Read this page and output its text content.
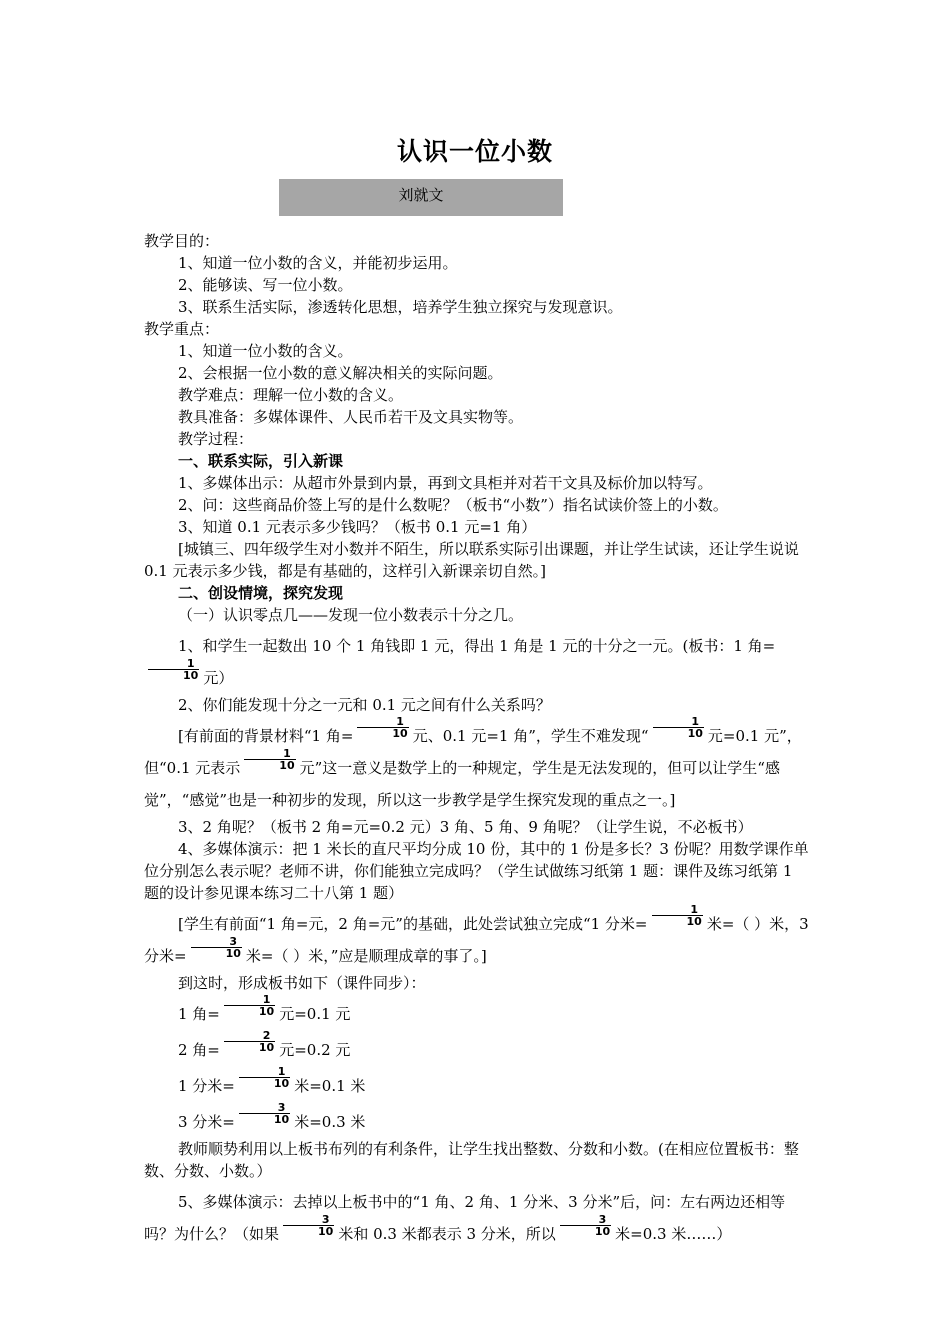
认识一位小数
刘就文

教学目的：

1、知道一位小数的含义，并能初步运用。

2、能够读、写一位小数。

3、联系生活实际，渗透转化思想，培养学生独立探究与发现意识。

教学重点：

1、知道一位小数的含义。

2、会根据一位小数的意义解决相关的实际问题。

教学难点：理解一位小数的含义。

教具准备：多媒体课件、人民币若干及文具实物等。

教学过程：

一、联系实际，引入新课

1、多媒体出示：从超市外景到内景，再到文具柜并对若干文具及标价加以特写。

2、问：这些商品价签上写的是什么数呢？（板书“小数”）指名试读价签上的小数。

3、知道 0.1 元表示多少钱吗？（板书 0.1 元=1 角）

[城镇三、四年级学生对小数并不陌生，所以联系实际引出课题，并让学生试读，还让学生说说 0.1 元表示多少钱，都是有基础的，这样引入新课亲切自然。]

二、创设情境，探究发现

（一）认识零点几——发现一位小数表示十分之几。

1、和学生一起数出 10 个 1 角钱即 1 元，得出 1 角是 1 元的十分之一元。(板书：1 角=
$\frac{1}{10}$ 元）

2、你们能发现十分之一元和 0.1 元之间有什么关系吗？

[有前面的背景材料“1 角= $\frac{1}{10}$ 元、0.1 元=1 角”，学生不难发现“ $\frac{1}{10}$ 元=0.1 元”，但“0.1 元表示 $\frac{1}{10}$ 元”这一意义是数学上的一种规定，学生是无法发现的，但可以让学生“感觉”，“感觉”也是一种初步的发现，所以这一步教学是学生探究发现的重点之一。]

3、2 角呢？（板书 2 角=元=0.2 元）3 角、5 角、9 角呢？（让学生说，不必板书）

4、多媒体演示：把 1 米长的直尺平均分成 10 份，其中的 1 份是多长？3 份呢？用数学课作单位分别怎么表示呢？老师不讲，你们能独立完成吗？（学生试做练习纸第 1 题：课件及练习纸第 1 题的设计参见课本练习二十八第 1 题）

[学生有前面“1 角=元，2 角=元”的基础，此处尝试独立完成“1 分米= $\frac{1}{10}$ 米=（ ）米，3 分米= $\frac{3}{10}$ 米=（ ）米，”应是顺理成章的事了。]

到这时，形成板书如下（课件同步）：

1 角= $\frac{1}{10}$ 元=0.1 元

2 角= $\frac{2}{10}$ 元=0.2 元

1 分米= $\frac{1}{10}$ 米=0.1 米

3 分米= $\frac{3}{10}$ 米=0.3 米

教师顺势利用以上板书布列的有利条件，让学生找出整数、分数和小数。(在相应位置板书：整数、分数、小数。）

5、多媒体演示：去掉以上板书中的“1 角、2 角、1 分米、3 分米”后，问：左右两边还相等吗？为什么？（如果 $\frac{3}{10}$ 米和 0.3 米都表示 3 分米，所以 $\frac{3}{10}$ 米=0.3 米……）
